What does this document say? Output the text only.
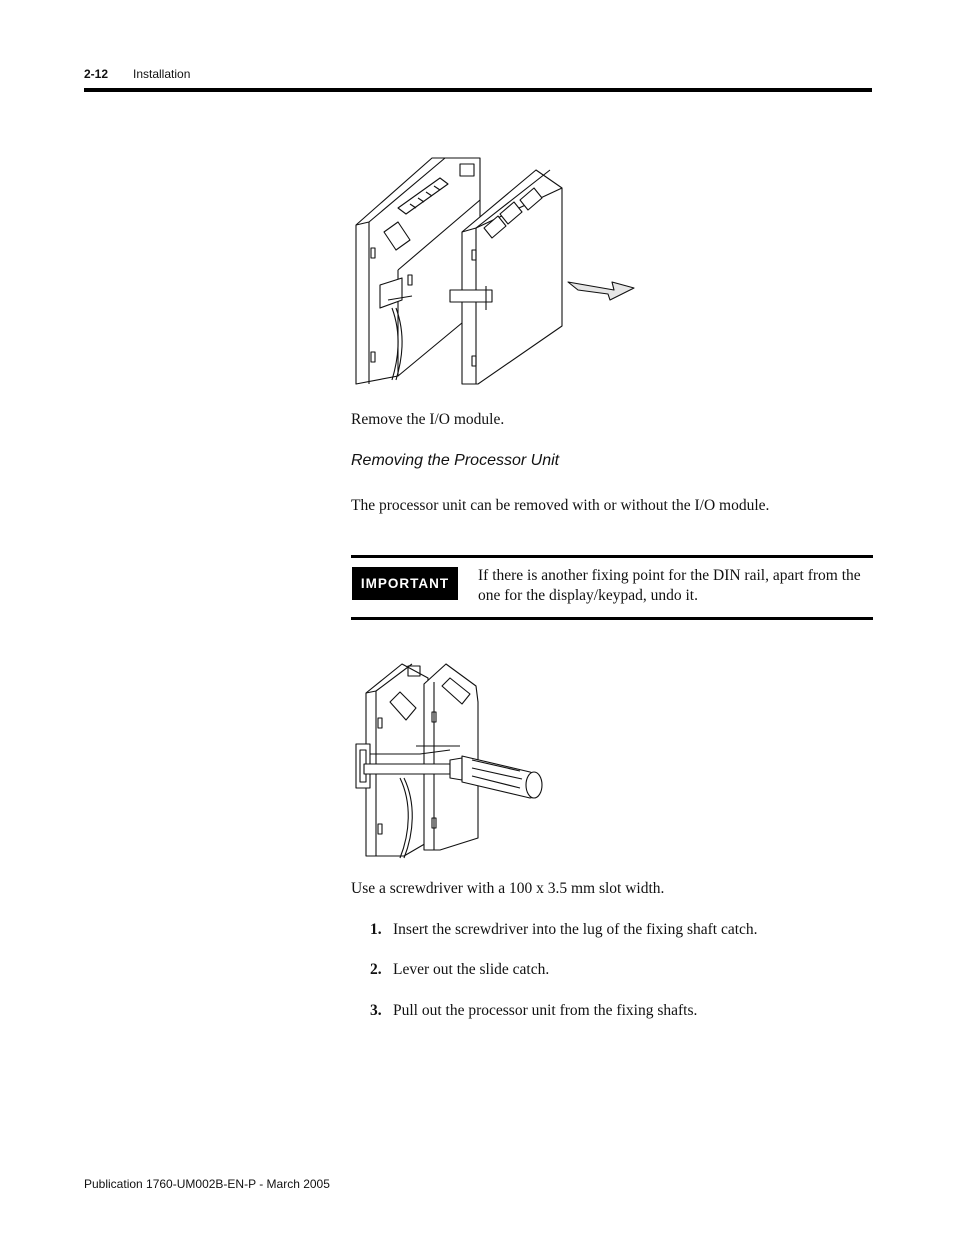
2-12 Installation
Remove the I/O module.
Removing the Processor Unit
The processor unit can be removed with or without the I/O module.
IMPORTANT	If there is another fixing point for the DIN rail, apart from the one for the display/keypad, undo it.
Use a screwdriver with a 100 x 3.5 mm slot width.
1. Insert the screwdriver into the lug of the fixing shaft catch.
2. Lever out the slide catch.
3. Pull out the processor unit from the fixing shafts.
Publication 1760-UM002B-EN-P - March 2005
